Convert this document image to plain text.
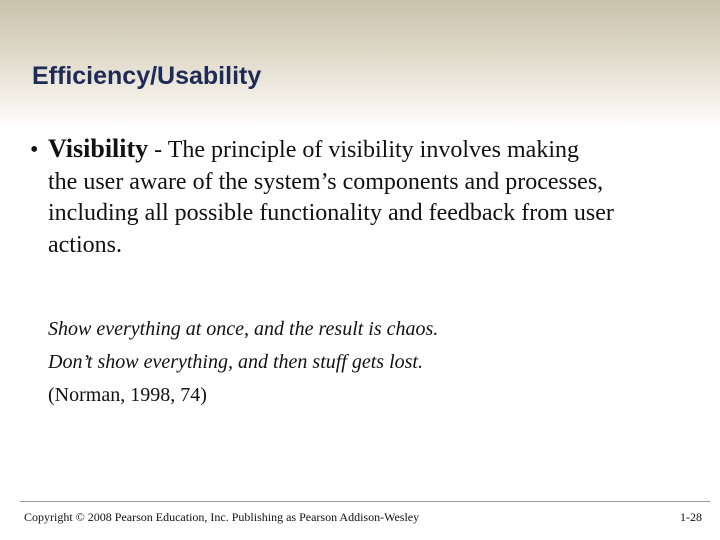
Efficiency/Usability
• Visibility - The principle of visibility involves making
the user aware of the system’s components and processes, including all possible functionality and feedback from user actions.
Show everything at once, and the result is chaos.
Don’t show everything, and then stuff gets lost.
(Norman, 1998, 74)
Copyright © 2008 Pearson Education, Inc. Publishing as Pearson Addison-Wesley	1-28
